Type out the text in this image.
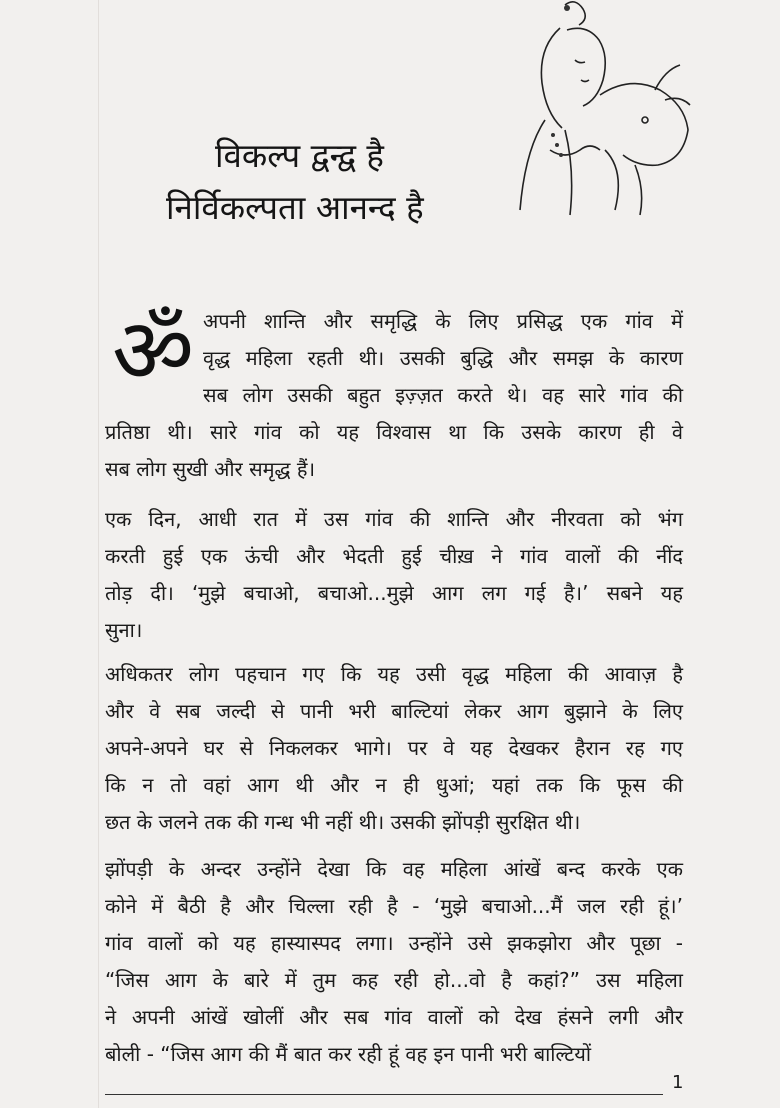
विकल्प द्वन्द्व है
निर्विकल्पता आनन्द है
ॐ अपनी शान्ति और समृद्धि के लिए प्रसिद्ध एक गांव में
वृद्ध महिला रहती थी। उसकी बुद्धि और समझ के कारण
सब लोग उसकी बहुत इज़्ज़त करते थे। वह सारे गांव की
प्रतिष्ठा थी। सारे गांव को यह विश्वास था कि उसके कारण ही वे
सब लोग सुखी और समृद्ध हैं।
एक दिन, आधी रात में उस गांव की शान्ति और नीरवता को भंग
करती हुई एक ऊंची और भेदती हुई चीख़ ने गांव वालों की नींद
तोड़ दी। ‘मुझे बचाओ, बचाओ...मुझे आग लग गई है।’ सबने यह
सुना।
अधिकतर लोग पहचान गए कि यह उसी वृद्ध महिला की आवाज़ है
और वे सब जल्दी से पानी भरी बाल्टियां लेकर आग बुझाने के लिए
अपने-अपने घर से निकलकर भागे। पर वे यह देखकर हैरान रह गए
कि न तो वहां आग थी और न ही धुआं; यहां तक कि फूस की
छत के जलने तक की गन्ध भी नहीं थी। उसकी झोंपड़ी सुरक्षित थी।
झोंपड़ी के अन्दर उन्होंने देखा कि वह महिला आंखें बन्द करके एक
कोने में बैठी है और चिल्ला रही है - ‘मुझे बचाओ...मैं जल रही हूं।’
गांव वालों को यह हास्यास्पद लगा। उन्होंने उसे झकझोरा और पूछा -
“जिस आग के बारे में तुम कह रही हो...वो है कहां?” उस महिला
ने अपनी आंखें खोलीं और सब गांव वालों को देख हंसने लगी और
बोली - “जिस आग की मैं बात कर रही हूं वह इन पानी भरी बाल्टियों
1
